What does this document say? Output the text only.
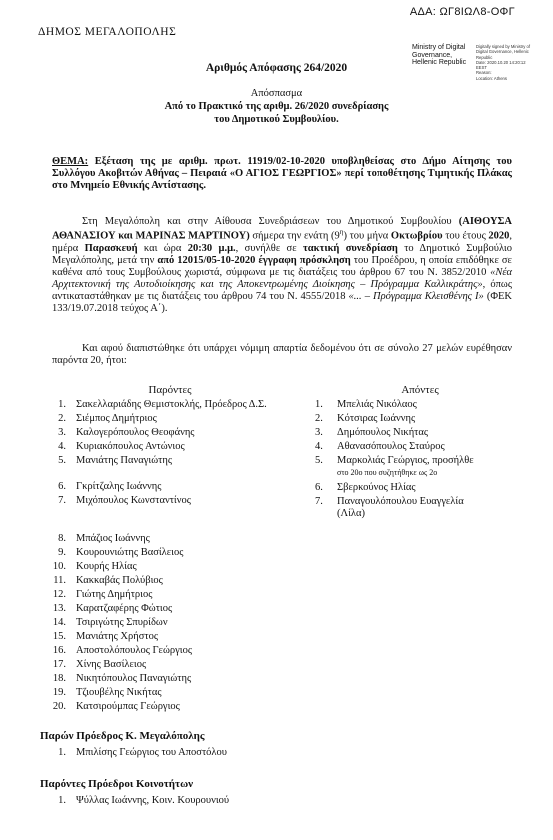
ΑΔΑ: ΩΓ8ΙΩΛ8-ΟΦΓ
ΔΗΜΟΣ ΜΕΓΑΛΟΠΟΛΗΣ
Ministry of Digital
Governance,
Hellenic Republic
Digitally signed by Ministry of
Digital Governance, Hellenic
Republic
Date: 2020.10.20 14:20:12
EEST
Reason:
Location: Athens
Αριθμός Απόφασης 264/2020
Απόσπασμα
Από το Πρακτικό της αριθμ. 26/2020 συνεδρίασης
του Δημοτικού Συμβουλίου.
ΘΕΜΑ: Εξέταση της με αριθμ. πρωτ. 11919/02-10-2020 υποβληθείσας στο Δήμο Αίτησης του Συλλόγου Ακοβιτών Αθήνας – Πειραιά «Ο ΑΓΙΟΣ ΓΕΩΡΓΙΟΣ» περί τοποθέτησης Τιμητικής Πλάκας στο Μνημείο Εθνικής Αντίστασης.
Στη Μεγαλόπολη και στην Αίθουσα Συνεδριάσεων του Δημοτικού Συμβουλίου (ΑΙΘΟΥΣΑ ΑΘΑΝΑΣΙΟΥ και ΜΑΡΙΝΑΣ ΜΑΡΤΙΝΟΥ) σήμερα την ενάτη $(9^\eta)$ του μήνα Οκτωβρίου του έτους 2020, ημέρα Παρασκευή και ώρα 20:30 μ.μ., συνήλθε σε τακτική συνεδρίαση το Δημοτικό Συμβούλιο Μεγαλόπολης, μετά την από 12015/05-10-2020 έγγραφη πρόσκληση του Προέδρου, η οποία επιδόθηκε σε καθένα από τους Συμβούλους χωριστά, σύμφωνα με τις διατάξεις του άρθρου 67 του Ν. 3852/2010 «Νέα Αρχιτεκτονική της Αυτοδιοίκησης και της Αποκεντρωμένης Διοίκησης – Πρόγραμμα Καλλικράτης», όπως αντικαταστάθηκαν με τις διατάξεις του άρθρου 74 του Ν. 4555/2018 «... – Πρόγραμμα Κλεισθένης Ι» (ΦΕΚ 133/19.07.2018 τεύχος Α΄).
Και αφού διαπιστώθηκε ότι υπάρχει νόμιμη απαρτία δεδομένου ότι σε σύνολο 27 μελών ευρέθησαν παρόντα 20, ήτοι:
Παρόντες
1. Σακελλαριάδης Θεμιστοκλής, Πρόεδρος Δ.Σ.
2. Σιέμπος Δημήτριος
3. Καλογερόπουλος Θεοφάνης
4. Κυριακόπουλος Αντώνιος
5. Μανιάτης Παναγιώτης
6. Γκρίτζαλης Ιωάννης
7. Μιχόπουλος Κωνσταντίνος
8. Μπάζιος Ιωάννης
9. Κουρουνιώτης Βασίλειος
10. Κουρής Ηλίας
11. Κακκαβάς Πολύβιος
12. Γιώτης Δημήτριος
13. Καρατζαφέρης Φώτιος
14. Τσιριγώτης Σπυρίδων
15. Μανιάτης Χρήστος
16. Αποστολόπουλος Γεώργιος
17. Χίνης Βασίλειος
18. Νικητόπουλος Παναγιώτης
19. Τζιουβέλης Νικήτας
20. Κατσιρούμπας Γεώργιος
Απόντες
1.	Μπελιάς Νικόλαος
2.	Κότσιρας Ιωάννης
3.	Δημόπουλος Νικήτας
4.	Αθανασόπουλος Σταύρος
5.	Μαρκολιάς Γεώργιος, προσήλθε
στο 20ο που συζητήθηκε ως 2ο
6.	Σβερκούνος Ηλίας
7.	Παναγουλόπουλου Ευαγγελία
(Λίλα)
Παρών Πρόεδρος Κ. Μεγαλόπολης
1. Μπιλίσης Γεώργιος του Αποστόλου
Παρόντες Πρόεδροι Κοινοτήτων
1. Ψύλλας Ιωάννης, Κοιν. Κουρουνιού
